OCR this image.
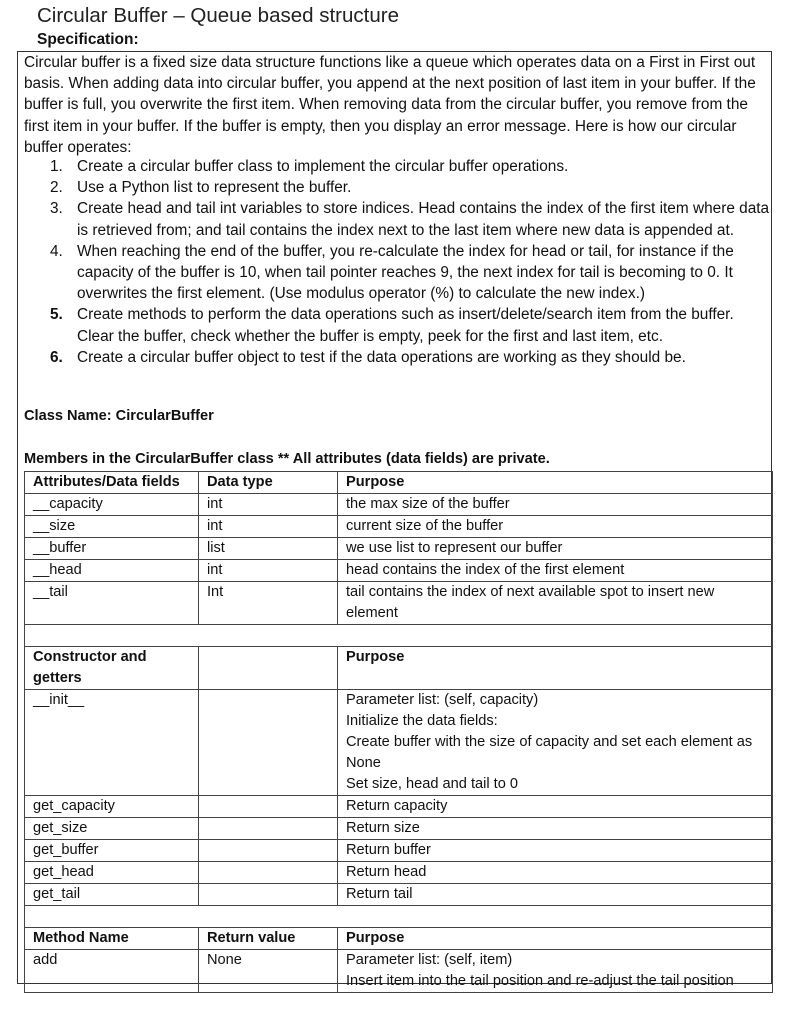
Circular Buffer – Queue based structure
Specification:
Circular buffer is a fixed size data structure functions like a queue which operates data on a First in First out basis. When adding data into circular buffer, you append at the next position of last item in your buffer. If the buffer is full, you overwrite the first item. When removing data from the circular buffer, you remove from the first item in your buffer. If the buffer is empty, then you display an error message. Here is how our circular buffer operates:
1. Create a circular buffer class to implement the circular buffer operations.
2. Use a Python list to represent the buffer.
3. Create head and tail int variables to store indices. Head contains the index of the first item where data is retrieved from; and tail contains the index next to the last item where new data is appended at.
4. When reaching the end of the buffer, you re-calculate the index for head or tail, for instance if the capacity of the buffer is 10, when tail pointer reaches 9, the next index for tail is becoming to 0. It overwrites the first element. (Use modulus operator (%) to calculate the new index.)
5. Create methods to perform the data operations such as insert/delete/search item from the buffer. Clear the buffer, check whether the buffer is empty, peek for the first and last item, etc.
6. Create a circular buffer object to test if the data operations are working as they should be.
Class Name: CircularBuffer
Members in the CircularBuffer class ** All attributes (data fields) are private.
Attributes/Data fields	Data type	Purpose
__capacity	int	the max size of the buffer
__size	int	current size of the buffer
__buffer	list	we use list to represent our buffer
__head	int	head contains the index of the first element
__tail	Int	tail contains the index of next available spot to insert new element

Constructor and getters		Purpose
__init__		Parameter list: (self, capacity)
Initialize the data fields:
Create buffer with the size of capacity and set each element as None
Set size, head and tail to 0

get_capacity		Return capacity
get_size		Return size
get_buffer		Return buffer
get_head		Return head
get_tail		Return tail

Method Name	Return value	Purpose
add	None	Parameter list: (self, item)
Insert item into the tail position and re-adjust the tail position
